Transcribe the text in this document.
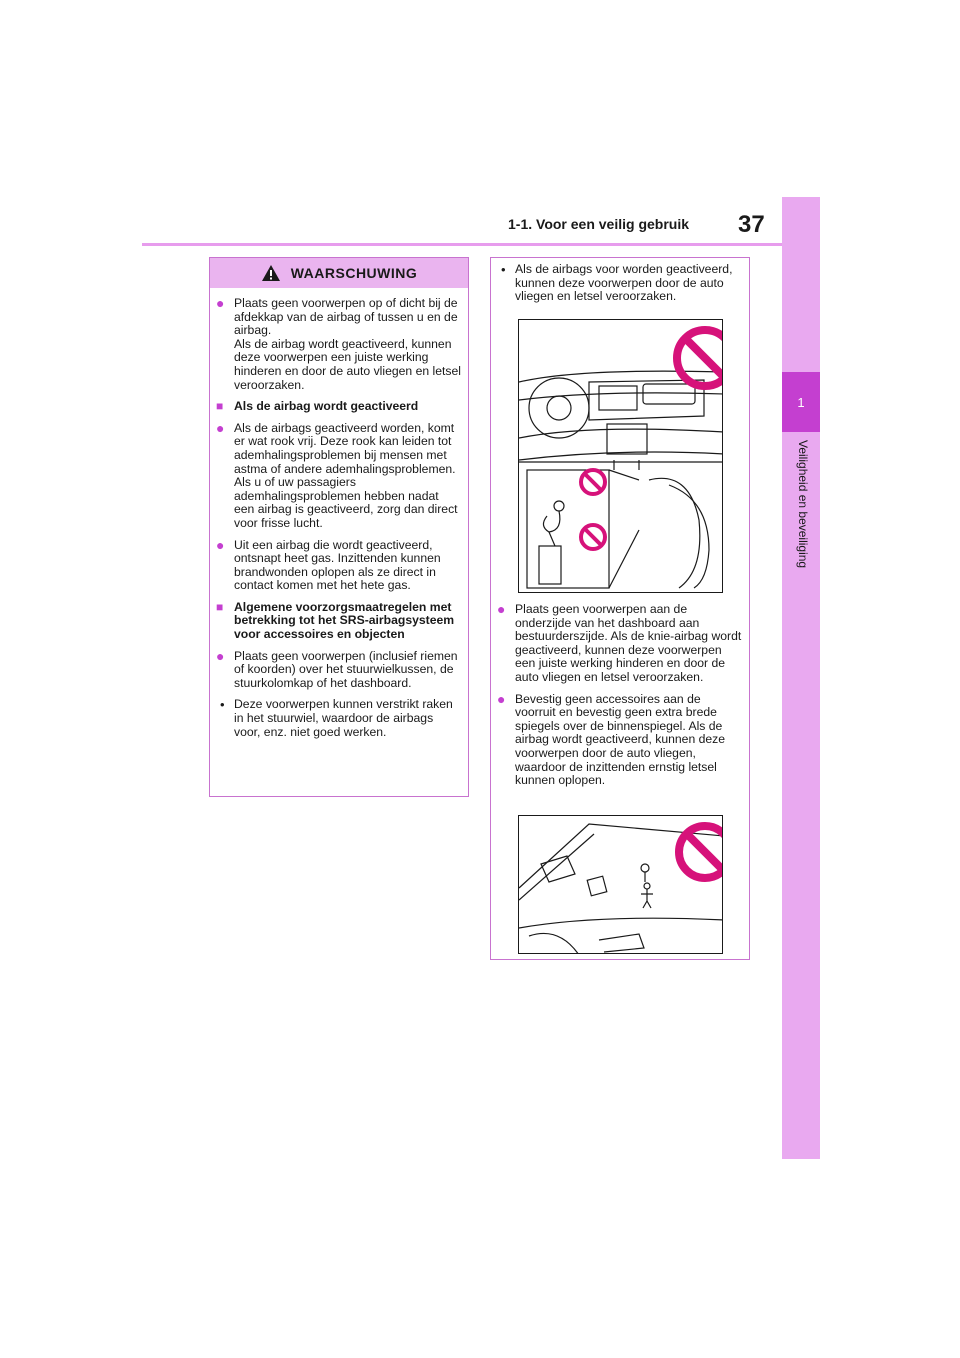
1-1. Voor een veilig gebruik 37
1
Veiligheid en beveiliging
WAARSCHUWING
● Plaats geen voorwerpen op of dicht bij de afdekkap van de airbag of tussen u en de airbag.
Als de airbag wordt geactiveerd, kunnen deze voorwerpen een juiste werking hinderen en door de auto vliegen en letsel veroorzaken.
■ Als de airbag wordt geactiveerd
● Als de airbags geactiveerd worden, komt er wat rook vrij. Deze rook kan leiden tot ademhalingsproblemen bij mensen met astma of andere ademhalingsproblemen. Als u of uw passagiers ademhalingsproblemen hebben nadat een airbag is geactiveerd, zorg dan direct voor frisse lucht.
● Uit een airbag die wordt geactiveerd, ontsnapt heet gas. Inzittenden kunnen brandwonden oplopen als ze direct in contact komen met het hete gas.
■ Algemene voorzorgsmaatregelen met betrekking tot het SRS-airbagsysteem voor accessoires en objecten
● Plaats geen voorwerpen (inclusief riemen of koorden) over het stuurwielkussen, de stuurkolomkap of het dashboard.
• Deze voorwerpen kunnen verstrikt raken in het stuurwiel, waardoor de airbags voor, enz. niet goed werken.
• Als de airbags voor worden geactiveerd, kunnen deze voorwerpen door de auto vliegen en letsel veroorzaken.
● Plaats geen voorwerpen aan de onderzijde van het dashboard aan bestuurderszijde. Als de knie-airbag wordt geactiveerd, kunnen deze voorwerpen een juiste werking hinderen en door de auto vliegen en letsel veroorzaken.
● Bevestig geen accessoires aan de voorruit en bevestig geen extra brede spiegels over de binnenspiegel. Als de airbag wordt geactiveerd, kunnen deze voorwerpen door de auto vliegen, waardoor de inzittenden ernstig letsel kunnen oplopen.
